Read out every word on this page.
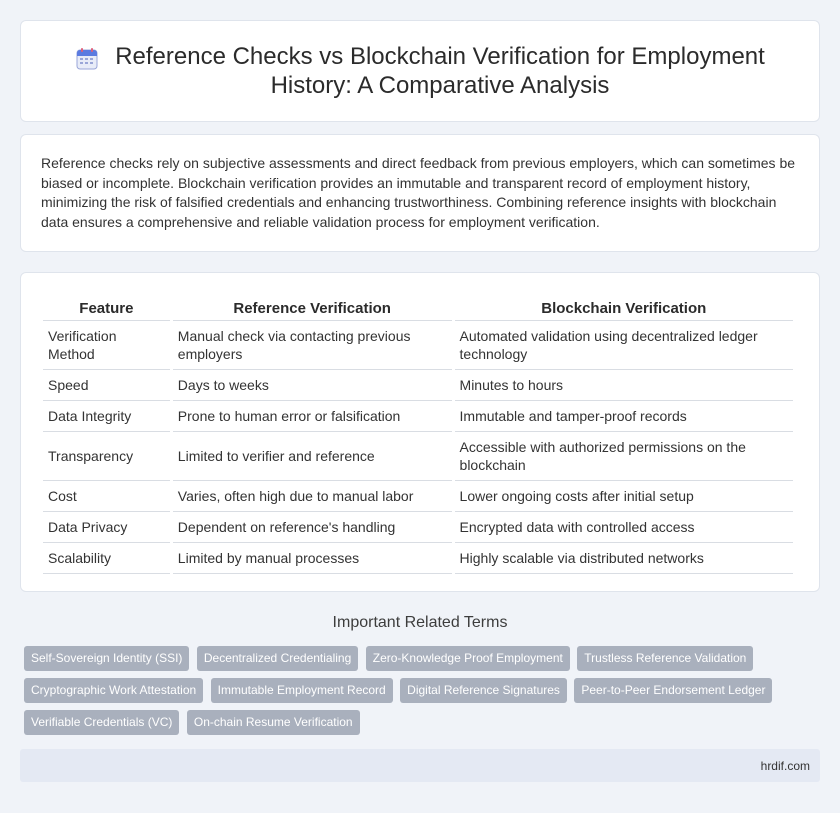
Reference Checks vs Blockchain Verification for Employment History: A Comparative Analysis

Reference checks rely on subjective assessments and direct feedback from previous employers, which can sometimes be biased or incomplete. Blockchain verification provides an immutable and transparent record of employment history, minimizing the risk of falsified credentials and enhancing trustworthiness. Combining reference insights with blockchain data ensures a comprehensive and reliable validation process for employment verification.

Feature	Reference Verification	Blockchain Verification
Verification Method	Manual check via contacting previous employers	Automated validation using decentralized ledger technology
Speed	Days to weeks	Minutes to hours
Data Integrity	Prone to human error or falsification	Immutable and tamper-proof records
Transparency	Limited to verifier and reference	Accessible with authorized permissions on the blockchain
Cost	Varies, often high due to manual labor	Lower ongoing costs after initial setup
Data Privacy	Dependent on reference's handling	Encrypted data with controlled access
Scalability	Limited by manual processes	Highly scalable via distributed networks
Important Related Terms
Self-Sovereign Identity (SSI) Decentralized Credentialing Zero-Knowledge Proof Employment Trustless Reference Validation Cryptographic Work Attestation Immutable Employment Record Digital Reference Signatures Peer-to-Peer Endorsement Ledger Verifiable Credentials (VC) On-chain Resume Verification
hrdif.com
